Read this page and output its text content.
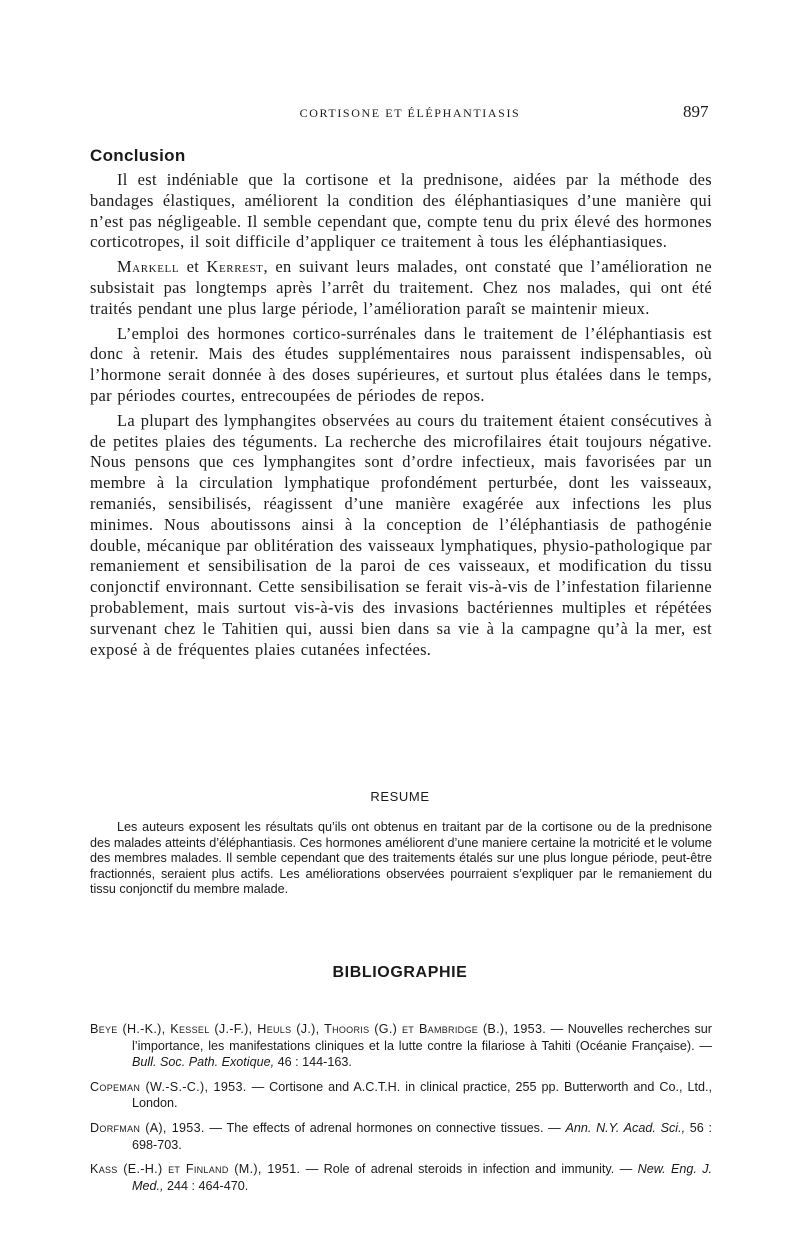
CORTISONE ET ÉLÉPHANTIASIS	897
Conclusion

Il est indéniable que la cortisone et la prednisone, aidées par la méthode des bandages élastiques, améliorent la condition des éléphantiasiques d’une manière qui n’est pas négligeable. Il semble cependant que, compte tenu du prix élevé des hormones corticotropes, il soit difficile d’appliquer ce traitement à tous les éléphantiasiques.

Markell et Kerrest, en suivant leurs malades, ont constaté que l’amélioration ne subsistait pas longtemps après l’arrêt du traitement. Chez nos malades, qui ont été traités pendant une plus large période, l’amélioration paraît se maintenir mieux.

L’emploi des hormones cortico-surrénales dans le traitement de l’éléphantiasis est donc à retenir. Mais des études supplémentaires nous paraissent indispensables, où l’hormone serait donnée à des doses supérieures, et surtout plus étalées dans le temps, par périodes courtes, entrecoupées de périodes de repos.

La plupart des lymphangites observées au cours du traitement étaient consécutives à de petites plaies des téguments. La recherche des microfilaires était toujours négative. Nous pensons que ces lymphangites sont d’ordre infectieux, mais favorisées par un membre à la circulation lymphatique profondément perturbée, dont les vaisseaux, remaniés, sensibilisés, réagissent d’une manière exagérée aux infections les plus minimes. Nous aboutissons ainsi à la conception de l’éléphantiasis de pathogénie double, mécanique par oblitération des vaisseaux lymphatiques, physio-pathologique par remaniement et sensibilisation de la paroi de ces vaisseaux, et modification du tissu conjonctif environnant. Cette sensibilisation se ferait vis-à-vis de l’infestation filarienne probablement, mais surtout vis-à-vis des invasions bactériennes multiples et répétées survenant chez le Tahitien qui, aussi bien dans sa vie à la campagne qu’à la mer, est exposé à de fréquentes plaies cutanées infectées.

RESUME

Les auteurs exposent les résultats qu’ils ont obtenus en traitant par de la cortisone ou de la prednisone des malades atteints d’éléphantiasis. Ces hormones améliorent d’une maniere certaine la motricité et le volume des membres malades. Il semble cependant que des traitements étalés sur une plus longue période, peut-être fractionnés, seraient plus actifs. Les améliorations observées pourraient s’expliquer par le remaniement du tissu conjonctif du membre malade.

BIBLIOGRAPHIE
Beye (H.-K.), Kessel (J.-F.), Heuls (J.), Thooris (G.) et Bambridge (B.), 1953. — Nouvelles recherches sur l’importance, les manifestations cliniques et la lutte contre la filariose à Tahiti (Océanie Française). — Bull. Soc. Path. Exotique, 46 : 144-163.
Copeman (W.-S.-C.), 1953. — Cortisone and A.C.T.H. in clinical practice, 255 pp. Butterworth and Co., Ltd., London.
Dorfman (A), 1953. — The effects of adrenal hormones on connective tissues. — Ann. N.Y. Acad. Sci., 56 : 698-703.
Kass (E.-H.) et Finland (M.), 1951. — Role of adrenal steroids in infection and immunity. — New. Eng. J. Med., 244 : 464-470.
